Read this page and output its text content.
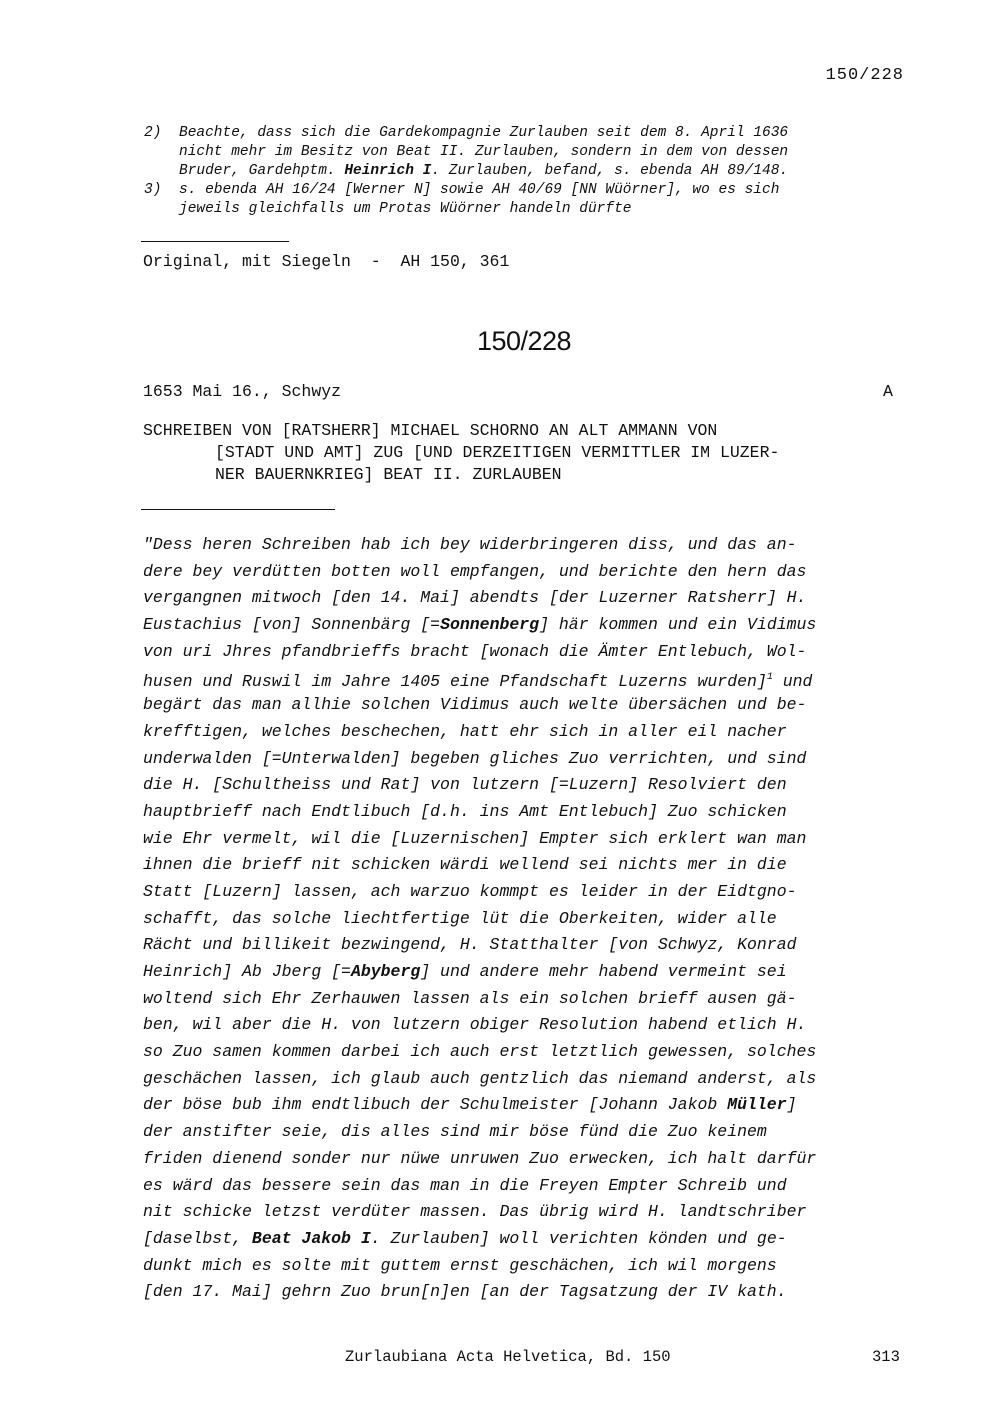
150/228
2) Beachte, dass sich die Gardekompagnie Zurlauben seit dem 8. April 1636
nicht mehr im Besitz von Beat II. Zurlauben, sondern in dem von dessen
Bruder, Gardehptm. Heinrich I. Zurlauben, befand, s. ebenda AH 89/148.
3) s. ebenda AH 16/24 [Werner N] sowie AH 40/69 [NN Wüörner], wo es sich
jeweils gleichfalls um Protas Wüörner handeln dürfte
Original, mit Siegeln  -  AH 150, 361
150/228
1653 Mai 16., Schwyz	A
SCHREIBEN VON [RATSHERR] MICHAEL SCHORNO AN ALT AMMANN VON
[STADT UND AMT] ZUG [UND DERZEITIGEN VERMITTLER IM LUZER-
NER BAUERNKRIEG] BEAT II. ZURLAUBEN
"Dess heren Schreiben hab ich bey widerbringeren diss, und das an-
dere bey verdütten botten woll empfangen, und berichte den hern das
vergangnen mitwoch [den 14. Mai] abendts [der Luzerner Ratsherr] H.
Eustachius [von] Sonnenbärg [=Sonnenberg] här kommen und ein Vidimus
von uri Jhres pfandbrieffs bracht [wonach die Ämter Entlebuch, Wol-
husen und Ruswil im Jahre 1405 eine Pfandschaft Luzerns wurden]$^1$ und
begärt das man allhie solchen Vidimus auch welte übersächen und be-
krefftigen, welches beschechen, hatt ehr sich in aller eil nacher
underwalden [=Unterwalden] begeben gliches Zuo verrichten, und sind
die H. [Schultheiss und Rat] von lutzern [=Luzern] Resolviert den
hauptbrieff nach Endtlibuch [d.h. ins Amt Entlebuch] Zuo schicken
wie Ehr vermelt, wil die [Luzernischen] Empter sich erklert wan man
ihnen die brieff nit schicken wärdi wellend sei nichts mer in die
Statt [Luzern] lassen, ach warzuo kommpt es leider in der Eidtgno-
schafft, das solche liechtfertige lüt die Oberkeiten, wider alle
Rächt und billikeit bezwingend, H. Statthalter [von Schwyz, Konrad
Heinrich] Ab Jberg [=Abyberg] und andere mehr habend vermeint sei
woltend sich Ehr Zerhauwen lassen als ein solchen brieff ausen gä-
ben, wil aber die H. von lutzern obiger Resolution habend etlich H.
so Zuo samen kommen darbei ich auch erst letztlich gewessen, solches
geschächen lassen, ich glaub auch gentzlich das niemand anderst, als
der böse bub ihm endtlibuch der Schulmeister [Johann Jakob Müller]
der anstifter seie, dis alles sind mir böse fünd die Zuo keinem
friden dienend sonder nur nüwe unruwen Zuo erwecken, ich halt darfür
es wärd das bessere sein das man in die Freyen Empter Schreib und
nit schicke letzst verdüter massen. Das übrig wird H. landtschriber
[daselbst, Beat Jakob I. Zurlauben] woll verichten könden und ge-
dunkt mich es solte mit guttem ernst geschächen, ich wil morgens
[den 17. Mai] gehrn Zuo brun[n]en [an der Tagsatzung der IV kath.
Zurlaubiana Acta Helvetica, Bd. 150	313
